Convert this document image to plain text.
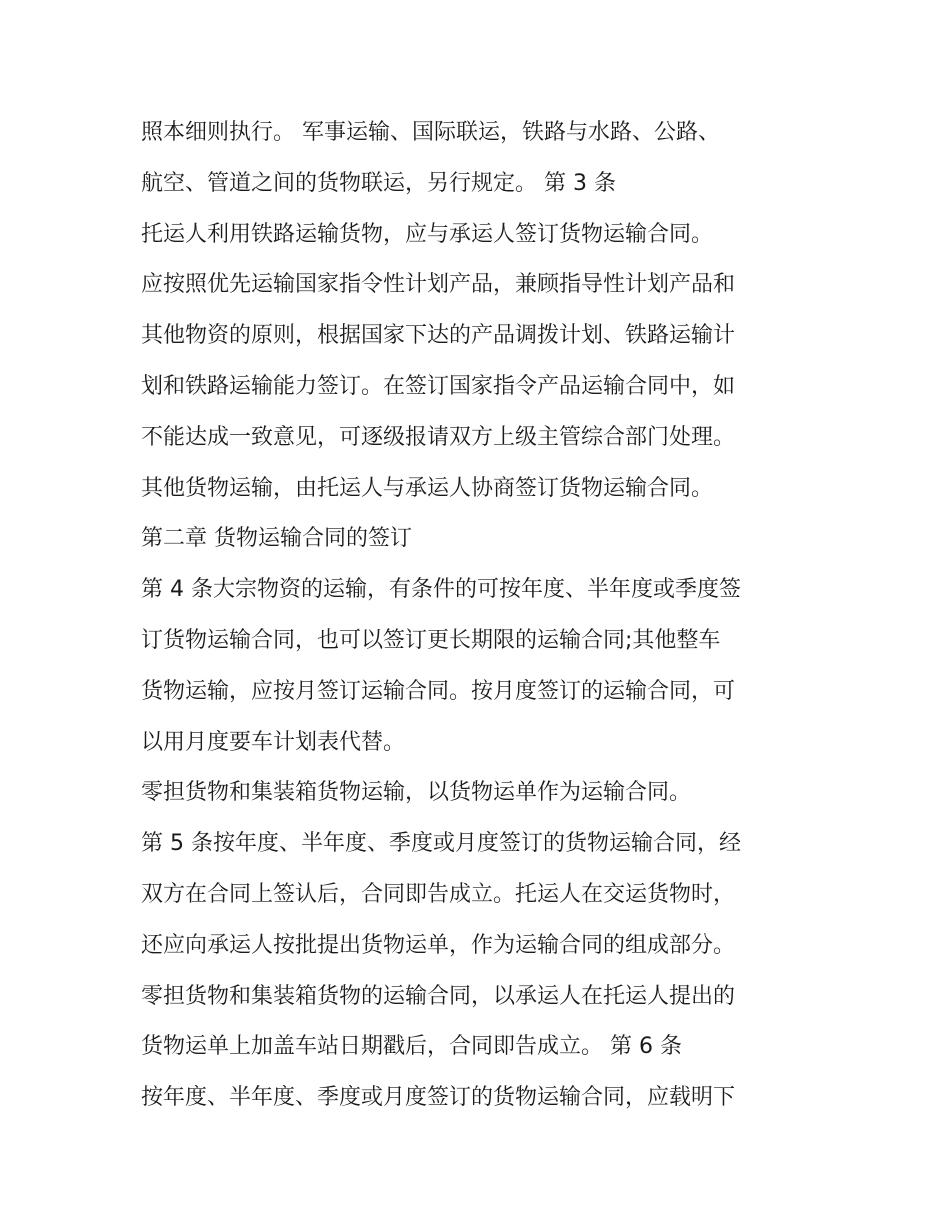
照本细则执行。 军事运输、国际联运，铁路与水路、公路、
航空、管道之间的货物联运，另行规定。 第 3 条
托运人利用铁路运输货物，应与承运人签订货物运输合同。
应按照优先运输国家指令性计划产品，兼顾指导性计划产品和
其他物资的原则，根据国家下达的产品调拨计划、铁路运输计
划和铁路运输能力签订。在签订国家指令产品运输合同中，如
不能达成一致意见，可逐级报请双方上级主管综合部门处理。
其他货物运输，由托运人与承运人协商签订货物运输合同。
第二章 货物运输合同的签订
第 4 条大宗物资的运输，有条件的可按年度、半年度或季度签
订货物运输合同，也可以签订更长期限的运输合同;其他整车
货物运输，应按月签订运输合同。按月度签订的运输合同，可
以用月度要车计划表代替。
零担货物和集装箱货物运输，以货物运单作为运输合同。
第 5 条按年度、半年度、季度或月度签订的货物运输合同，经
双方在合同上签认后，合同即告成立。托运人在交运货物时，
还应向承运人按批提出货物运单，作为运输合同的组成部分。
零担货物和集装箱货物的运输合同，以承运人在托运人提出的
货物运单上加盖车站日期戳后，合同即告成立。 第 6 条
按年度、半年度、季度或月度签订的货物运输合同，应载明下
